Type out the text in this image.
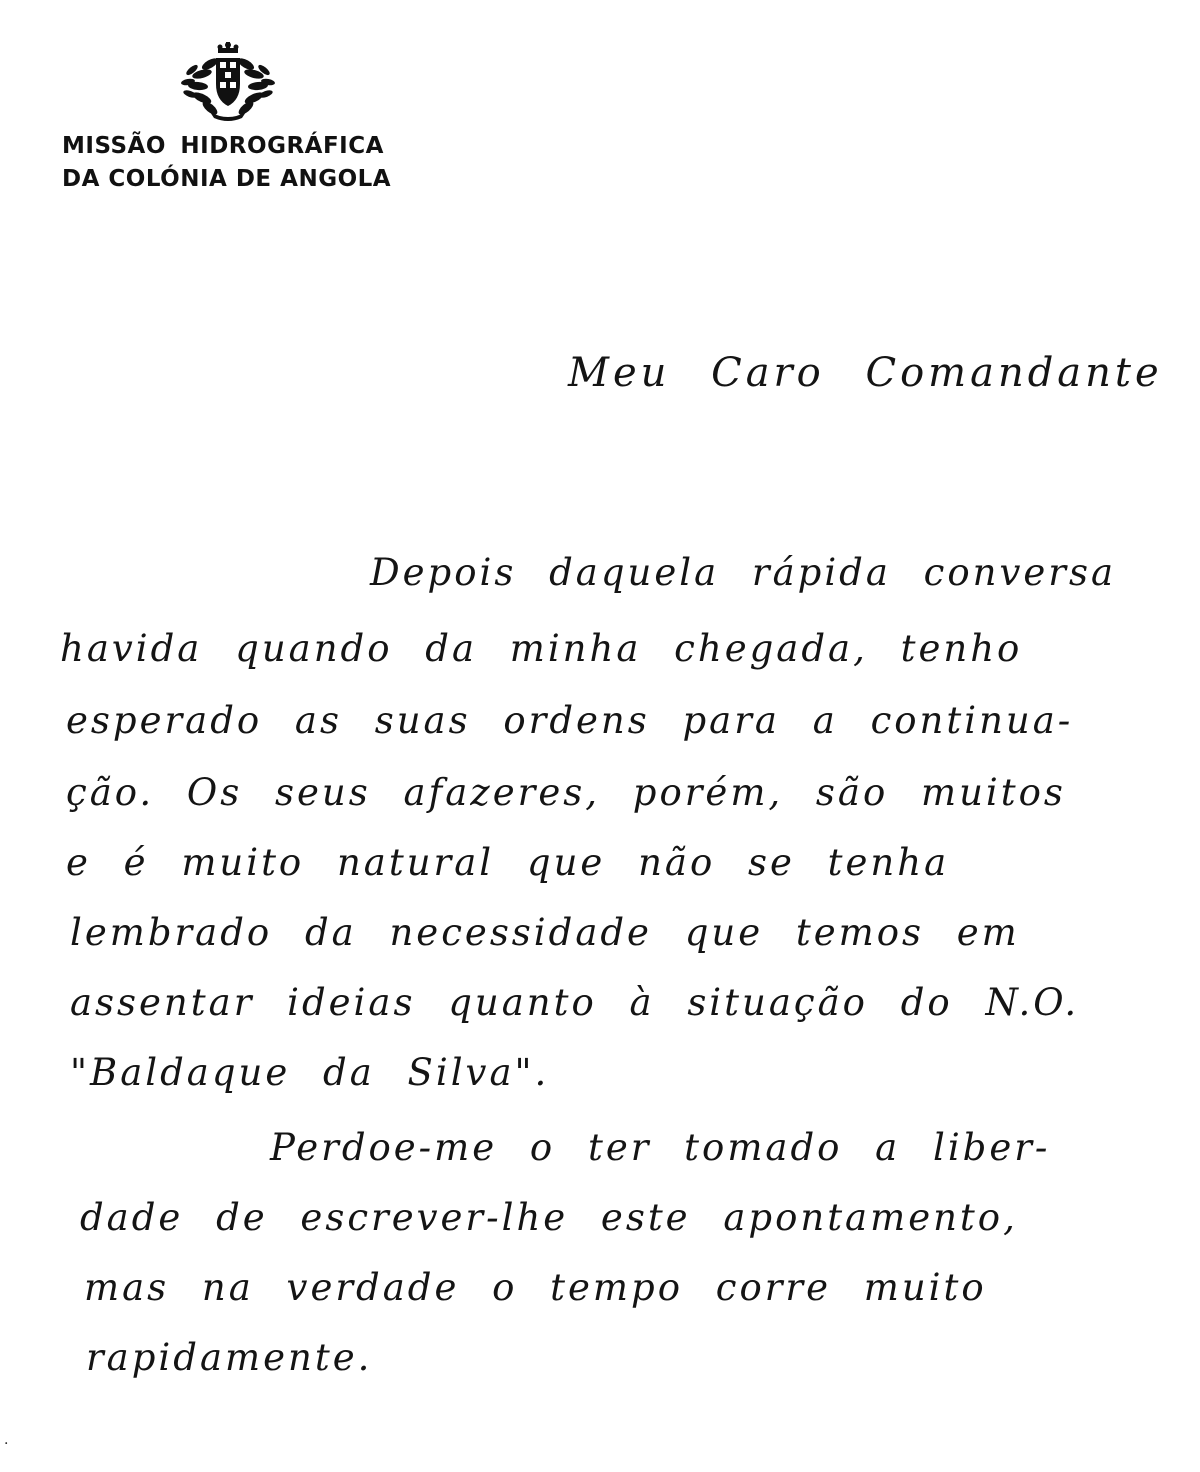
MISSÃO HIDROGRÁFICA
DA COLÓNIA DE ANGOLA

Meu Caro Comandante

Depois daquela rápida conversa
havida quando da minha chegada, tenho
esperado as suas ordens para a continua-
ção. Os seus afazeres, porém, são muitos
e é muito natural que não se tenha
lembrado da necessidade que temos em
assentar ideias quanto à situação do N.O.
"Baldaque da Silva".
Perdoe-me o ter tomado a liber-
dade de escrever-lhe este apontamento,
mas na verdade o tempo corre muito
rapidamente.
·
